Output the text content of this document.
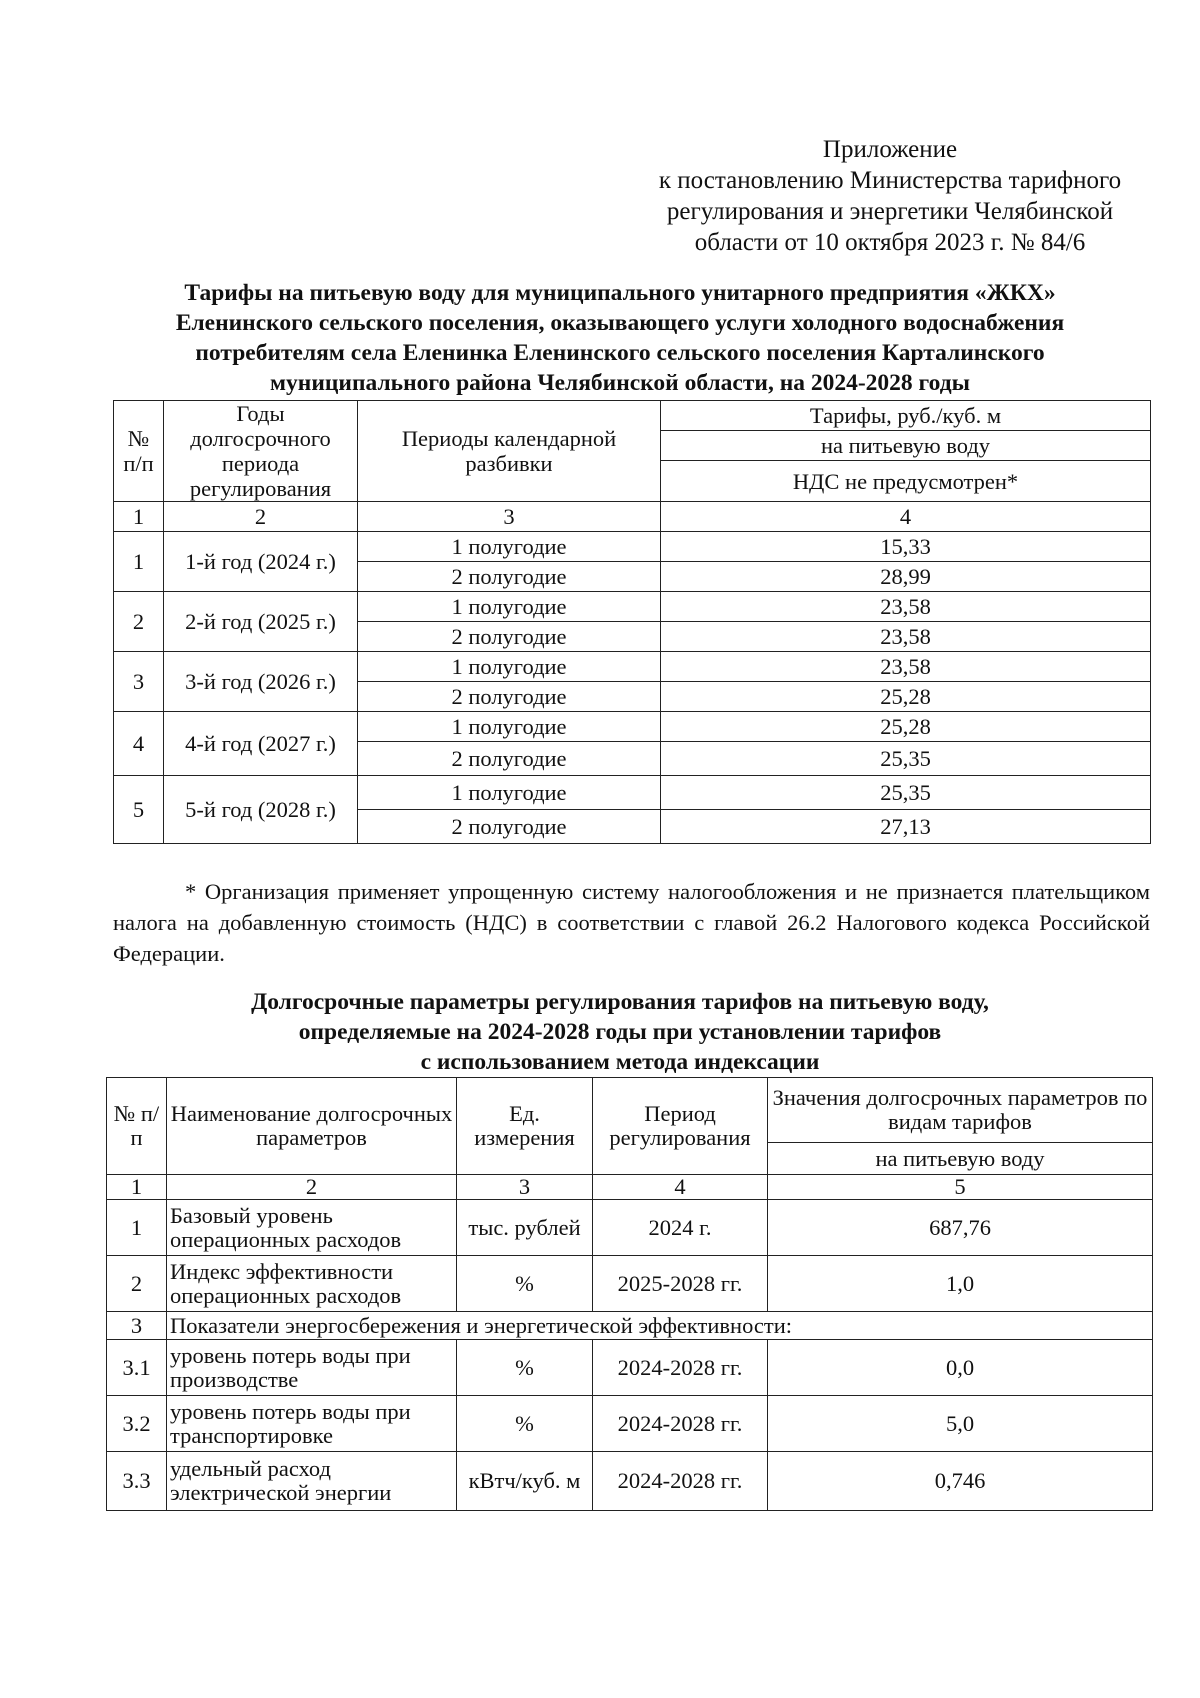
Приложение
к постановлению Министерства тарифного
регулирования и энергетики Челябинской
области от 10 октября 2023 г. № 84/6
Тарифы на питьевую воду для муниципального унитарного предприятия «ЖКХ»
Еленинского сельского поселения, оказывающего услуги холодного водоснабжения
потребителям села Еленинка Еленинского сельского поселения Карталинского
муниципального района Челябинской области, на 2024-2028 годы
№ п/п	Годы долгосрочного периода регулирования	Периоды календарной разбивки	Тарифы, руб./куб. м
			на питьевую воду
			НДС не предусмотрен*
1	2	3	4
1	1-й год (2024 г.)	1 полугодие	15,33
		2 полугодие	28,99
2	2-й год (2025 г.)	1 полугодие	23,58
		2 полугодие	23,58
3	3-й год (2026 г.)	1 полугодие	23,58
		2 полугодие	25,28
4	4-й год (2027 г.)	1 полугодие	25,28
		2 полугодие	25,35
5	5-й год (2028 г.)	1 полугодие	25,35
		2 полугодие	27,13
* Организация применяет упрощенную систему налогообложения и не признается плательщиком налога на добавленную стоимость (НДС) в соответствии с главой 26.2 Налогового кодекса Российской Федерации.
Долгосрочные параметры регулирования тарифов на питьевую воду,
определяемые на 2024-2028 годы при установлении тарифов
с использованием метода индексации
№ п/п	Наименование долгосрочных параметров	Ед. измерения	Период регулирования	Значения долгосрочных параметров по видам тарифов
				на питьевую воду
1	2	3	4	5
1	Базовый уровень операционных расходов	тыс. рублей	2024 г.	687,76
2	Индекс эффективности операционных расходов	%	2025-2028 гг.	1,0
3	Показатели энергосбережения и энергетической эффективности:			
3.1	уровень потерь воды при производстве	%	2024-2028 гг.	0,0
3.2	уровень потерь воды при транспортировке	%	2024-2028 гг.	5,0
3.3	удельный расход электрической энергии	кВтч/куб. м	2024-2028 гг.	0,746
